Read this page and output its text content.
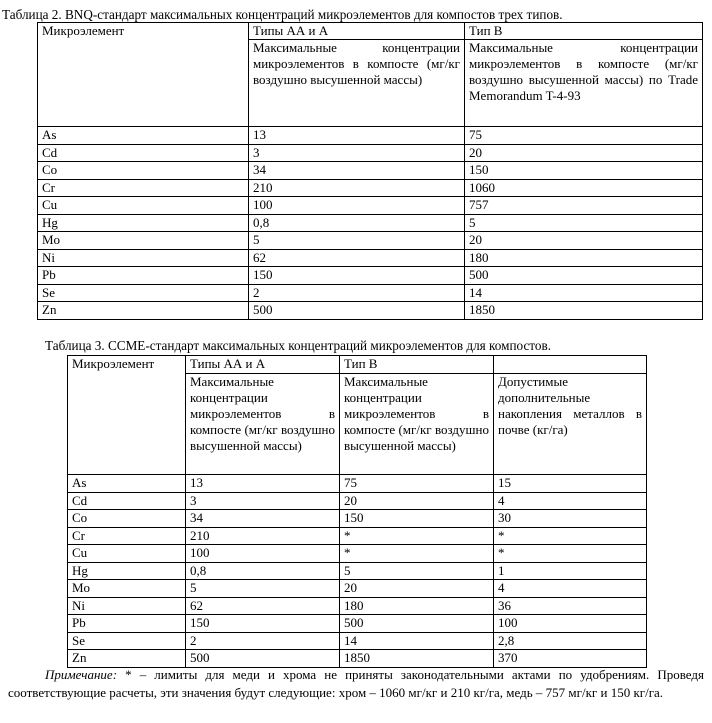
Таблица 2. BNQ-стандарт максимальных концентраций микроэлементов для компостов трех типов.
Микроэлемент	Типы АА и А	Тип В
	Максимальные концентрации микроэлементов в компосте (мг/кг воздушно высушенной массы)	Максимальные концентрации микроэлементов в компосте (мг/кг воздушно высушенной массы) по Trade Memorandum T-4-93
As	13	75
Cd	3	20
Co	34	150
Cr	210	1060
Cu	100	757
Hg	0,8	5
Mo	5	20
Ni	62	180
Pb	150	500
Se	2	14
Zn	500	1850
Таблица 3. CCME-стандарт максимальных концентраций микроэлементов для компостов.
Микроэлемент	Типы АА и А	Тип В	
	Максимальные концентрации микроэлементов в компосте (мг/кг воздушно высушенной массы)	Максимальные концентрации микроэлементов в компосте (мг/кг воздушно высушенной массы)	Допустимые дополнительные накопления металлов в почве (кг/га)
As	13	75	15
Cd	3	20	4
Co	34	150	30
Cr	210	*	*
Cu	100	*	*
Hg	0,8	5	1
Mo	5	20	4
Ni	62	180	36
Pb	150	500	100
Se	2	14	2,8
Zn	500	1850	370
Примечание: * – лимиты для меди и хрома не приняты законодательными актами по удобрениям. Проведя соответствующие расчеты, эти значения будут следующие: хром – 1060 мг/кг и 210 кг/га, медь – 757 мг/кг и 150 кг/га.
